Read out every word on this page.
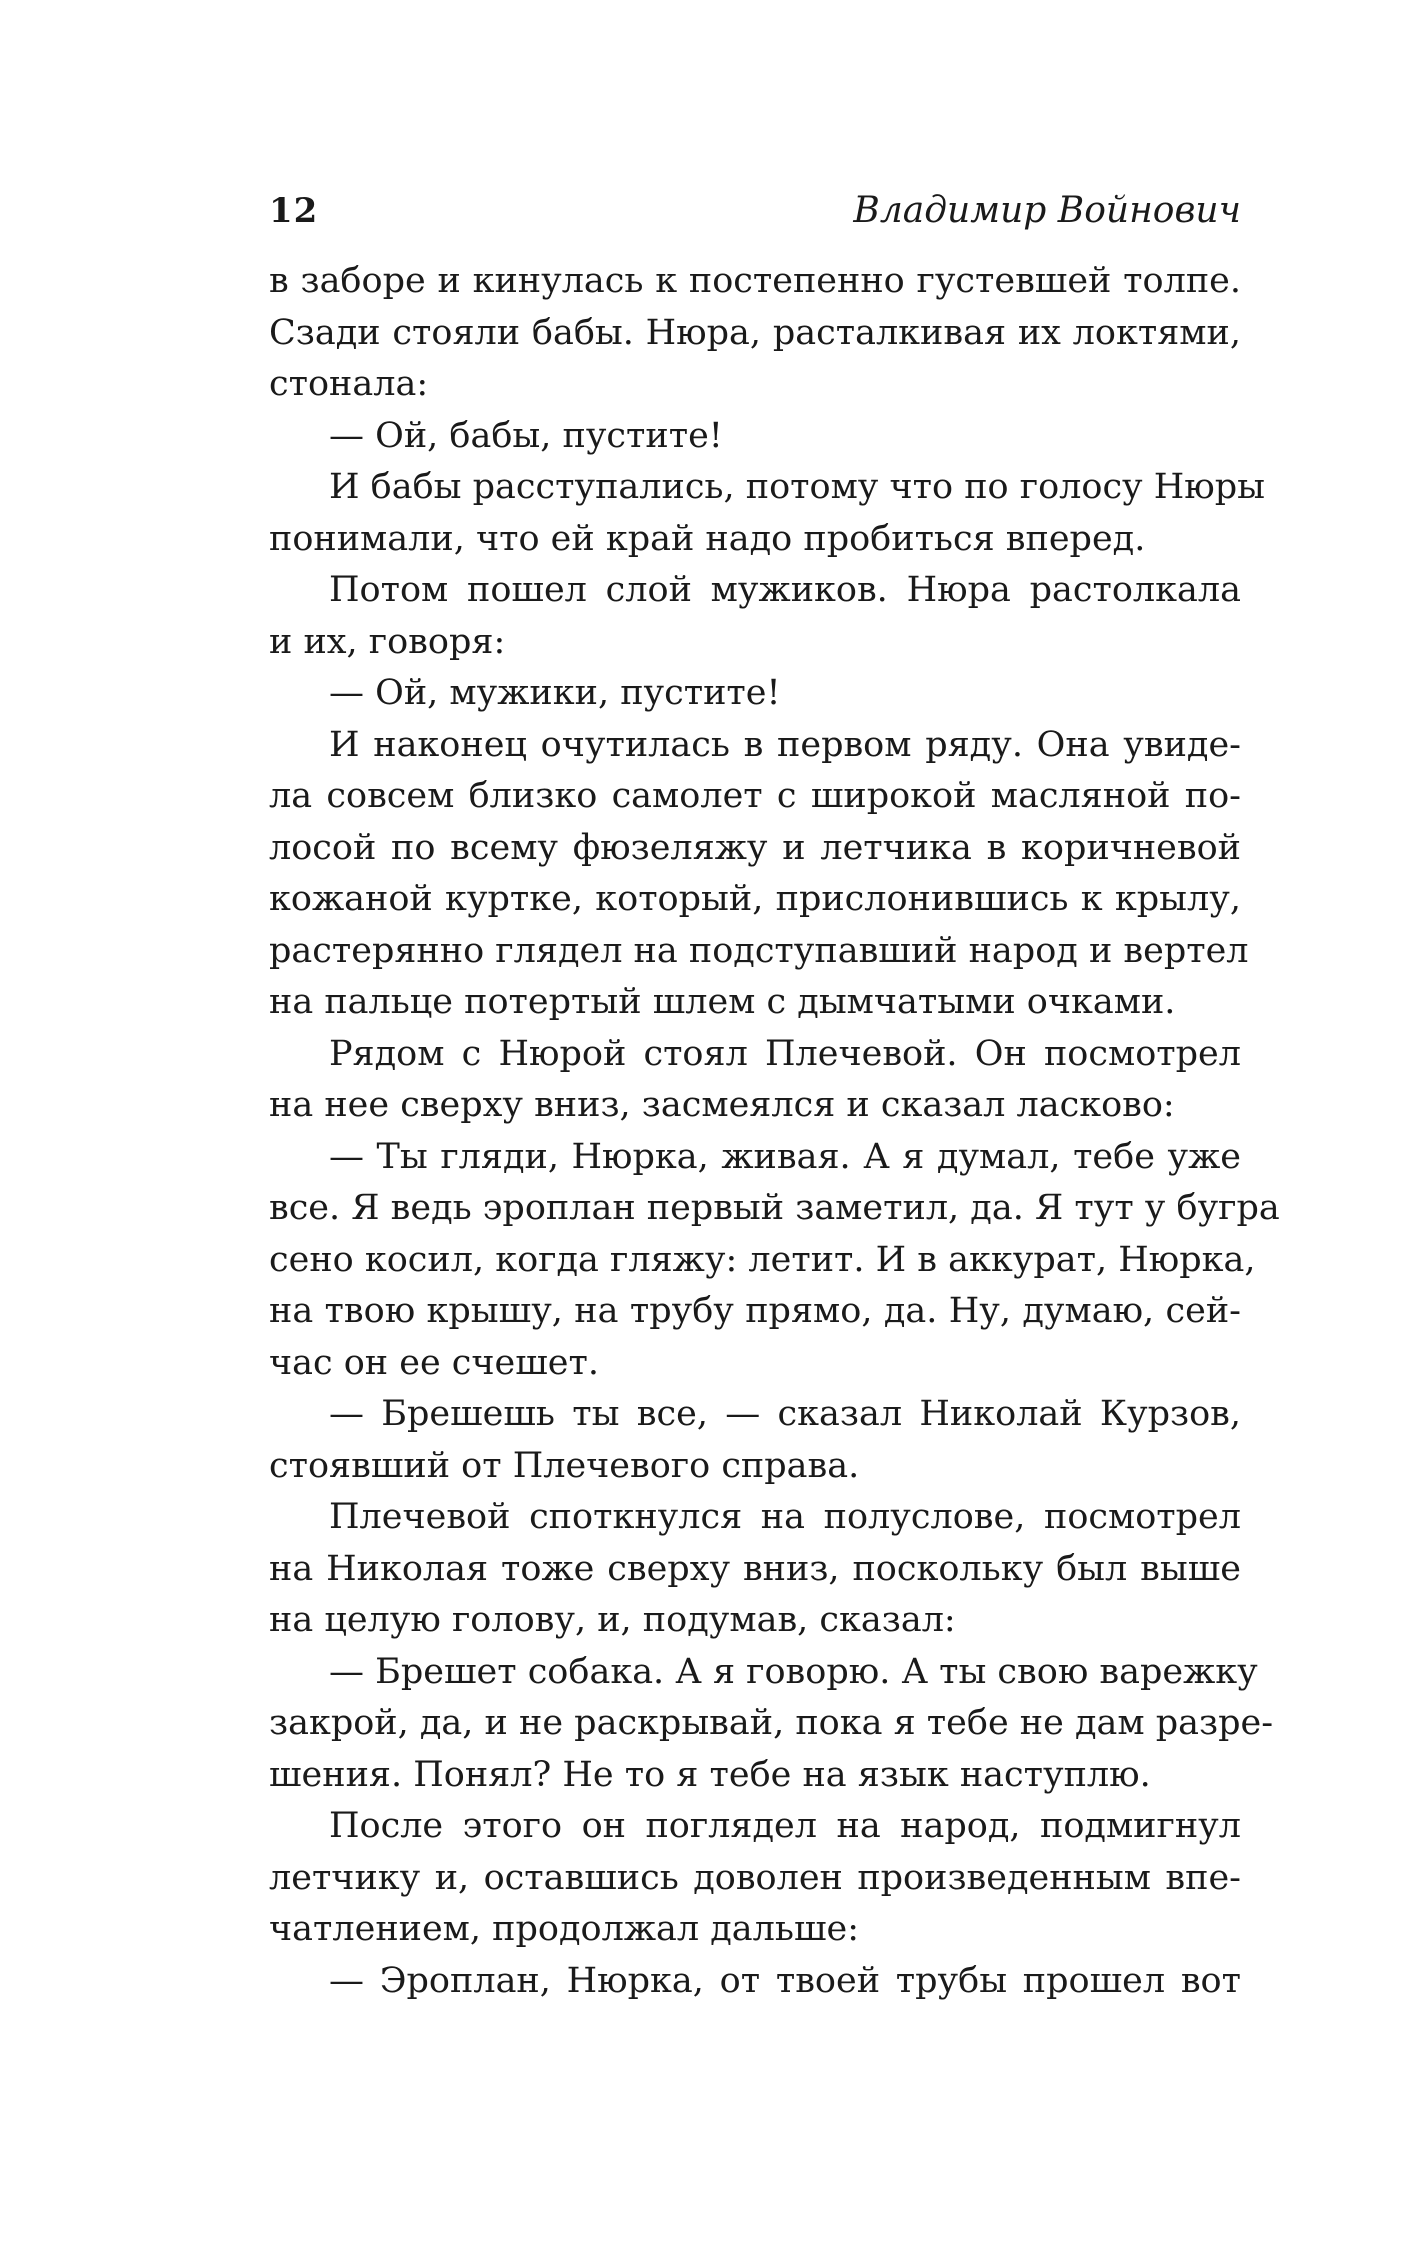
12	Владимир Войнович
в заборе и кинулась к постепенно густевшей толпе.
Сзади стояли бабы. Нюра, расталкивая их локтями,
стонала:
— Ой, бабы, пустите!
И бабы расступались, потому что по голосу Нюры
понимали, что ей край надо пробиться вперед.
Потом пошел слой мужиков. Нюра растолкала
и их, говоря:
— Ой, мужики, пустите!
И наконец очутилась в первом ряду. Она увиде-
ла совсем близко самолет с широкой масляной по-
лосой по всему фюзеляжу и летчика в коричневой
кожаной куртке, который, прислонившись к крылу,
растерянно глядел на подступавший народ и вертел
на пальце потертый шлем с дымчатыми очками.
Рядом с Нюрой стоял Плечевой. Он посмотрел
на нее сверху вниз, засмеялся и сказал ласково:
— Ты гляди, Нюрка, живая. А я думал, тебе уже
все. Я ведь эроплан первый заметил, да. Я тут у бугра
сено косил, когда гляжу: летит. И в аккурат, Нюрка,
на твою крышу, на трубу прямо, да. Ну, думаю, сей-
час он ее счешет.
— Брешешь ты все, — сказал Николай Курзов,
стоявший от Плечевого справа.
Плечевой споткнулся на полуслове, посмотрел
на Николая тоже сверху вниз, поскольку был выше
на целую голову, и, подумав, сказал:
— Брешет собака. А я говорю. А ты свою варежку
закрой, да, и не раскрывай, пока я тебе не дам разре-
шения. Понял? Не то я тебе на язык наступлю.
После этого он поглядел на народ, подмигнул
летчику и, оставшись доволен произведенным впе-
чатлением, продолжал дальше:
— Эроплан, Нюрка, от твоей трубы прошел вот
